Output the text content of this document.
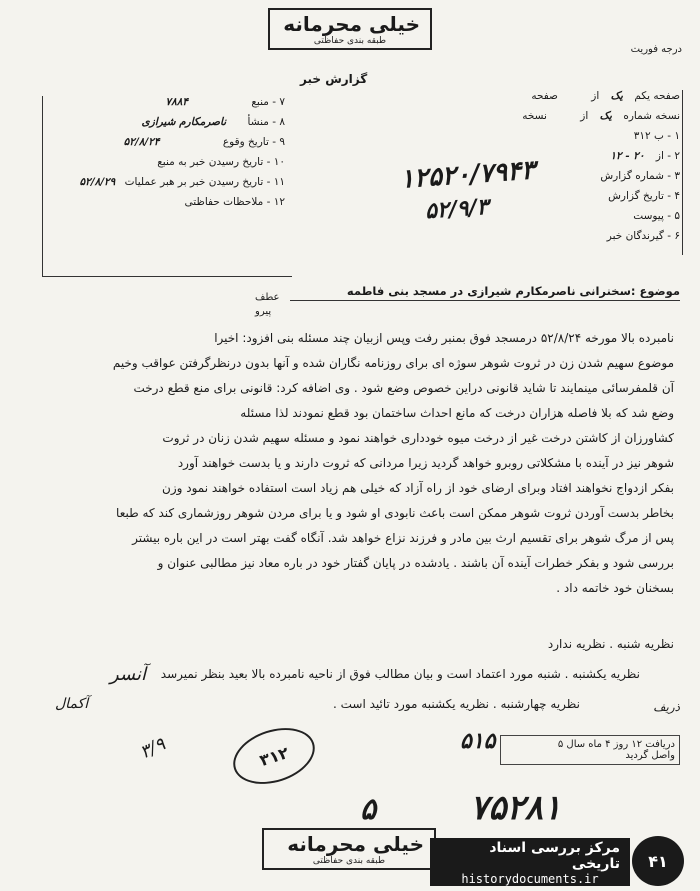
خیلی محرمانه
طبقه بندی حفاظتی
درجه فوریت
گزارش خبر
۷ - منبع ۷۸۸۴
۸ - منشأ ناصرمکارم شیرازی
۹ - تاریخ وقوع ۵۲/۸/۲۴
۱۰ - تاریخ رسیدن خبر به منبع
۱۱ - تاریخ رسیدن خبر بر هبر عملیات ۵۲/۸/۲۹
۱۲ - ملاحظات حفاظتی
صفحه یکم یک از صفحه
نسخه شماره یک از نسخه
۱ - ب ۳۱۲
۲ - از ۲۰ - ۱۲
۳ - شماره گزارش
۴ - تاریخ گزارش
۵ - پیوست
۶ - گیرندگان خبر
۱۲۵۲۰/۷۹۴۳
۵۲/۹/۳
عطف
پیرو
موضوع :سخنرانی ناصرمکارم شیرازی در مسجد بنی فاطمه
نامبرده بالا مورخه ۵۲/۸/۲۴ درمسجد فوق بمنبر رفت وپس ازبیان چند مسئله بنی افزود: اخیرا
موضوع سهیم شدن زن در ثروت شوهر سوژه ای برای روزنامه نگاران شده و آنها بدون درنظرگرفتن عواقب وخیم
آن قلمفرسائی مینمایند تا شاید قانونی دراین خصوص وضع شود . وی اضافه کرد: قانونی برای منع قطع درخت
وضع شد که بلا فاصله هزاران درخت که مانع احداث ساختمان بود قطع نمودند لذا مسئله
کشاورزان از کاشتن درخت غیر از درخت میوه خودداری خواهند نمود و مسئله سهیم شدن زنان در ثروت
شوهر نیز در آینده با مشکلاتی روبرو خواهد گردید زیرا مردانی که ثروت دارند و یا بدست خواهند آورد
بفکر ازدواج نخواهند افتاد وبرای ارضای خود از راه آزاد که خیلی هم زیاد است استفاده خواهند نمود وزن
بخاطر بدست آوردن ثروت شوهر ممکن است باعث نابودی او شود و یا برای مردن شوهر روزشماری کند که طبعا
پس از مرگ شوهر برای تقسیم ارث بین مادر و فرزند نزاع خواهد شد. آنگاه گفت بهتر است در این باره بیشتر
بررسی شود و بفکر خطرات آینده آن باشند . یادشده در پایان گفتار خود در باره معاد نیز مطالبی عنوان و
بسخنان خود خاتمه داد .
نظریه شنبه . نظریه ندارد
نظریه یکشنبه . شنبه مورد اعتماد است و بیان مطالب فوق از ناحیه نامبرده بالا بعید بنظر نمیرسد
نظریه چهارشنبه . نظریه یکشنبه مورد تائید است .
آنسر
آکمال	ذریف
۳/۹	۳۱۲	دریافت ۱۲ روز ۴ ماه سال ۵
واصل گردید
۵۱۵
۷۵۲۸۱
۵
خیلی محرمانه
طبقه بندی حفاظتی
مرکز بررسی اسناد تاریخی
historydocuments.ir
۴۱
